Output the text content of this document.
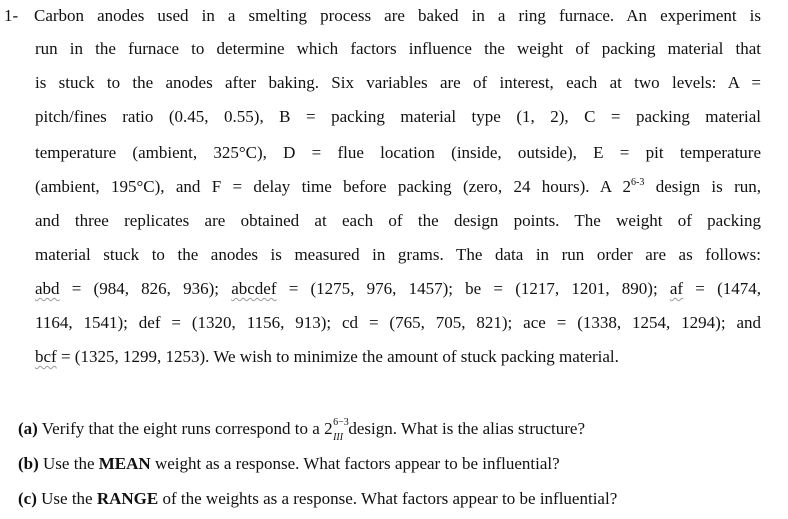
1- Carbon anodes used in a smelting process are baked in a ring furnace. An experiment is
run in the furnace to determine which factors influence the weight of packing material that
is stuck to the anodes after baking. Six variables are of interest, each at two levels: A =
pitch/fines ratio (0.45, 0.55), B = packing material type (1, 2), C = packing material
temperature (ambient, 325°C), D = flue location (inside, outside), E = pit temperature
(ambient, 195°C), and F = delay time before packing (zero, 24 hours). A 2$^{6-3}$ design is run,
and three replicates are obtained at each of the design points. The weight of packing
material stuck to the anodes is measured in grams. The data in run order are as follows:
abd = (984, 826, 936); abcdef = (1275, 976, 1457); be = (1217, 1201, 890); af = (1474,
1164, 1541); def = (1320, 1156, 913); cd = (765, 705, 821); ace = (1338, 1254, 1294); and
bcf = (1325, 1299, 1253). We wish to minimize the amount of stuck packing material.
(a) Verify that the eight runs correspond to a 2 6−3
III design. What is the alias structure?
(b) Use the MEAN weight as a response. What factors appear to be influential?
(c) Use the RANGE of the weights as a response. What factors appear to be influential?
